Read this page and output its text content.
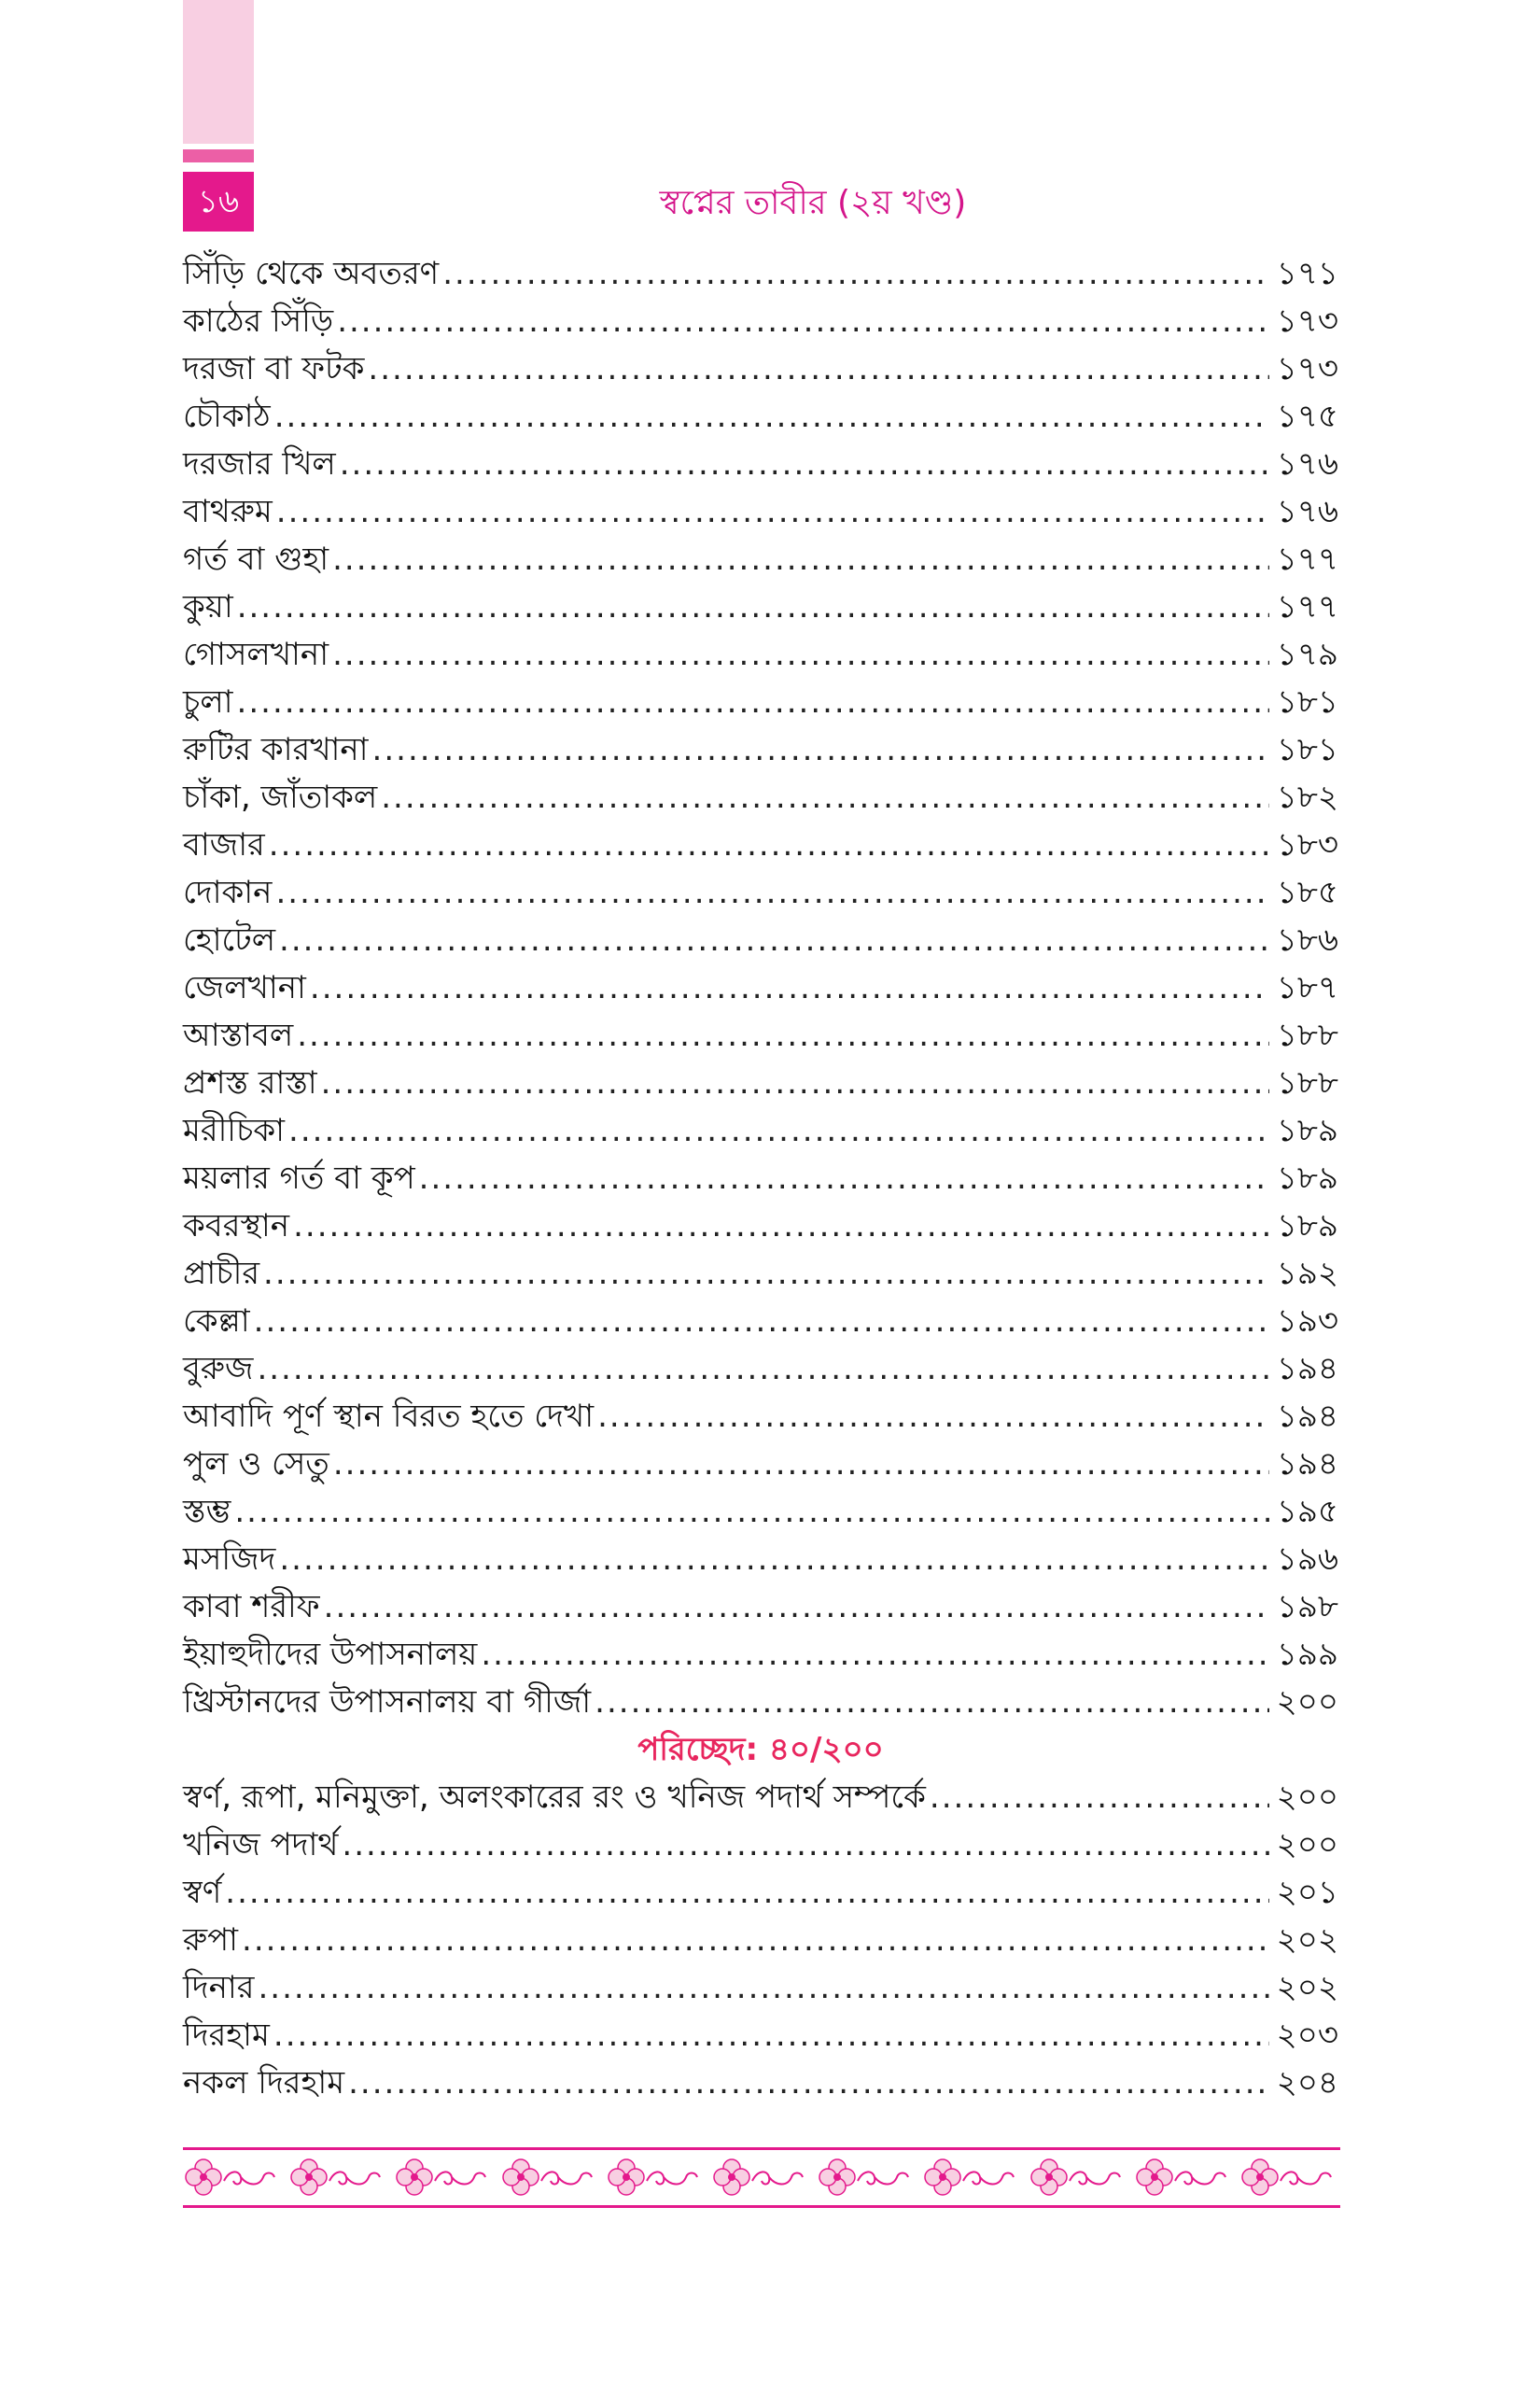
১৬	স্বপ্নের তাবীর (২য় খণ্ড)
সিঁড়ি থেকে অবতরণ .....	১৭১
কাঠের সিঁড়ি .....	১৭৩
দরজা বা ফটক .....	১৭৩
চৌকাঠ .....	১৭৫
দরজার খিল .....	১৭৬
বাথরুম .....	১৭৬
গর্ত বা গুহা .....	১৭৭
কুয়া .....	১৭৭
গোসলখানা .....	১৭৯
চুলা .....	১৮১
রুটির কারখানা .....	১৮১
চাঁকা, জাঁতাকল .....	১৮২
বাজার .....	১৮৩
দোকান .....	১৮৫
হোটেল .....	১৮৬
জেলখানা .....	১৮৭
আস্তাবল .....	১৮৮
প্রশস্ত রাস্তা .....	১৮৮
মরীচিকা .....	১৮৯
ময়লার গর্ত বা কূপ .....	১৮৯
কবরস্থান .....	১৮৯
প্রাচীর .....	১৯২
কেল্লা .....	১৯৩
বুরুজ .....	১৯৪
আবাদি পূর্ণ স্থান বিরত হতে দেখা .....	১৯৪
পুল ও সেতু .....	১৯৪
স্তম্ভ .....	১৯৫
মসজিদ .....	১৯৬
কাবা শরীফ .....	১৯৮
ইয়াহুদীদের উপাসনালয় .....	১৯৯
খ্রিস্টানদের উপাসনালয় বা গীর্জা .....	২০০
পরিচ্ছেদ: ৪০/২০০
স্বর্ণ, রূপা, মনিমুক্তা, অলংকারের রং ও খনিজ পদার্থ সম্পর্কে .....	২০০
খনিজ পদার্থ .....	২০০
স্বর্ণ .....	২০১
রুপা .....	২০২
দিনার .....	২০২
দিরহাম .....	২০৩
নকল দিরহাম .....	২০৪
